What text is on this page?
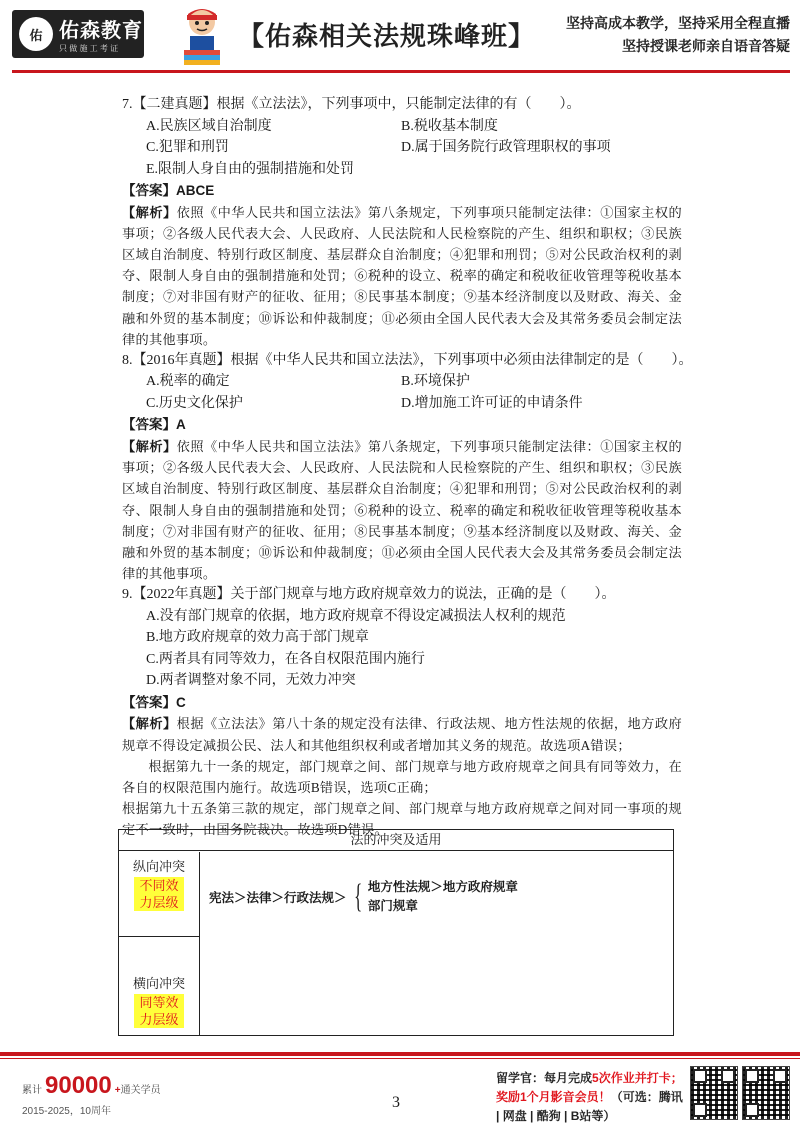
佑 佑森教育
只 做 施 工 考 证	【佑森相关法规珠峰班】 坚持高成本教学，坚持采用全程直播
坚持授课老师亲自语音答疑
7.【二建真题】根据《立法法》，下列事项中，只能制定法律的有（　　）。
A.民族区域自治制度	B.税收基本制度
C.犯罪和刑罚	D.属于国务院行政管理职权的事项
E.限制人身自由的强制措施和处罚
【答案】ABCE
【解析】依照《中华人民共和国立法法》第八条规定，下列事项只能制定法律：①国家主权的事项；②各级人民代表大会、人民政府、人民法院和人民检察院的产生、组织和职权；③民族区域自治制度、特别行政区制度、基层群众自治制度；④犯罪和刑罚；⑤对公民政治权利的剥夺、限制人身自由的强制措施和处罚；⑥税种的设立、税率的确定和税收征收管理等税收基本制度；⑦对非国有财产的征收、征用；⑧民事基本制度；⑨基本经济制度以及财政、海关、金融和外贸的基本制度；⑩诉讼和仲裁制度；⑪必须由全国人民代表大会及其常务委员会制定法律的其他事项。
8.【2016年真题】根据《中华人民共和国立法法》，下列事项中必须由法律制定的是（　　）。
A.税率的确定	B.环境保护
C.历史文化保护	D.增加施工许可证的申请条件
【答案】A
【解析】依照《中华人民共和国立法法》第八条规定，下列事项只能制定法律：①国家主权的事项；②各级人民代表大会、人民政府、人民法院和人民检察院的产生、组织和职权；③民族区域自治制度、特别行政区制度、基层群众自治制度；④犯罪和刑罚；⑤对公民政治权利的剥夺、限制人身自由的强制措施和处罚；⑥税种的设立、税率的确定和税收征收管理等税收基本制度；⑦对非国有财产的征收、征用；⑧民事基本制度；⑨基本经济制度以及财政、海关、金融和外贸的基本制度；⑩诉讼和仲裁制度；⑪必须由全国人民代表大会及其常务委员会制定法律的其他事项。
9.【2022年真题】关于部门规章与地方政府规章效力的说法，正确的是（　　）。
A.没有部门规章的依据，地方政府规章不得设定减损法人权利的规范
B.地方政府规章的效力高于部门规章
C.两者具有同等效力，在各自权限范围内施行
D.两者调整对象不同，无效力冲突
【答案】C
【解析】根据《立法法》第八十条的规定没有法律、行政法规、地方性法规的依据，地方政府规章不得设定减损公民、法人和其他组织权利或者增加其义务的规范。故选项A错误；
根据第九十一条的规定，部门规章之间、部门规章与地方政府规章之间具有同等效力，在各自的权限范围内施行。故选项B错误，选项C正确；
根据第九十五条第三款的规定，部门规章之间、部门规章与地方政府规章之间对同一事项的规定不一致时，由国务院裁决。故选项D错误。
法的冲突及适用
纵向冲突
不同效
力层级
横向冲突
同等效
力层级
宪法＞法律＞行政法规＞ { 地方性法规＞地方政府规章
部门规章
累计 90000 + 通关学员
2015-2025，10周年
3
留学官：每月完成5次作业并打卡；
奖励1个月影音会员！（可选：腾讯 | 网盘 | 酷狗 | B站等）
